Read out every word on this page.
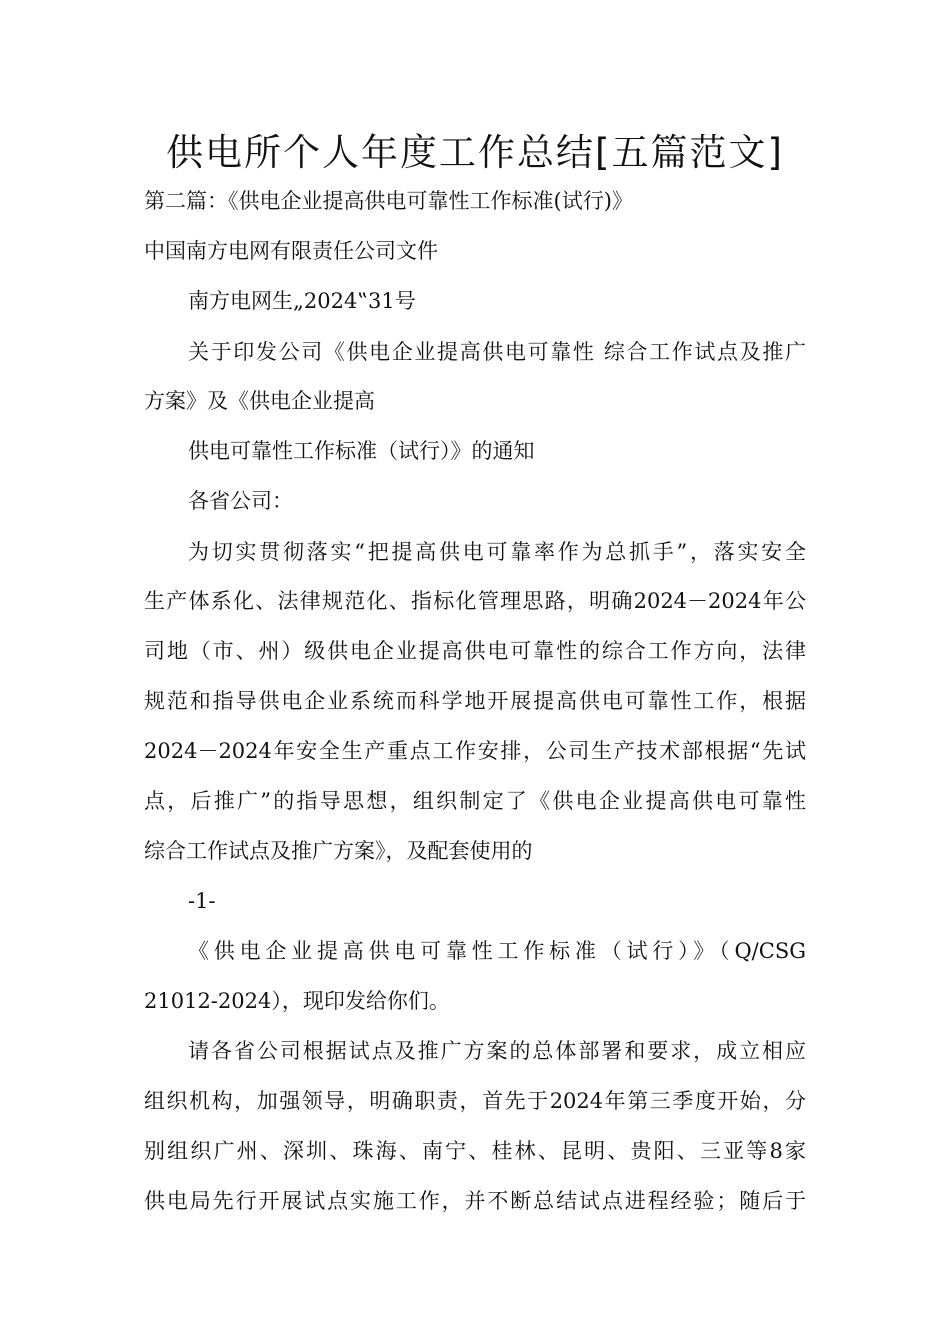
供电所个人年度工作总结[五篇范文]
第二篇：《供电企业提高供电可靠性工作标准(试行)》
中国南方电网有限责任公司文件
南方电网生„2024‟31号
关于印发公司《供电企业提高供电可靠性 综合工作试点及推广
方案》及《供电企业提高
供电可靠性工作标准（试行）》的通知
各省公司：
为切实贯彻落实“把提高供电可靠率作为总抓手”，落实安全
生产体系化、法律规范化、指标化管理思路，明确2024－2024年公
司地（市、州）级供电企业提高供电可靠性的综合工作方向，法律
规范和指导供电企业系统而科学地开展提高供电可靠性工作，根据
2024－2024年安全生产重点工作安排，公司生产技术部根据“先试
点，后推广”的指导思想，组织制定了《供电企业提高供电可靠性
综合工作试点及推广方案》，及配套使用的
-1-
《供电企业提高供电可靠性工作标准（试行）》（Q/CSG
21012-2024），现印发给你们。
请各省公司根据试点及推广方案的总体部署和要求，成立相应
组织机构，加强领导，明确职责，首先于2024年第三季度开始，分
别组织广州、深圳、珠海、南宁、桂林、昆明、贵阳、三亚等8家
供电局先行开展试点实施工作，并不断总结试点进程经验；随后于
